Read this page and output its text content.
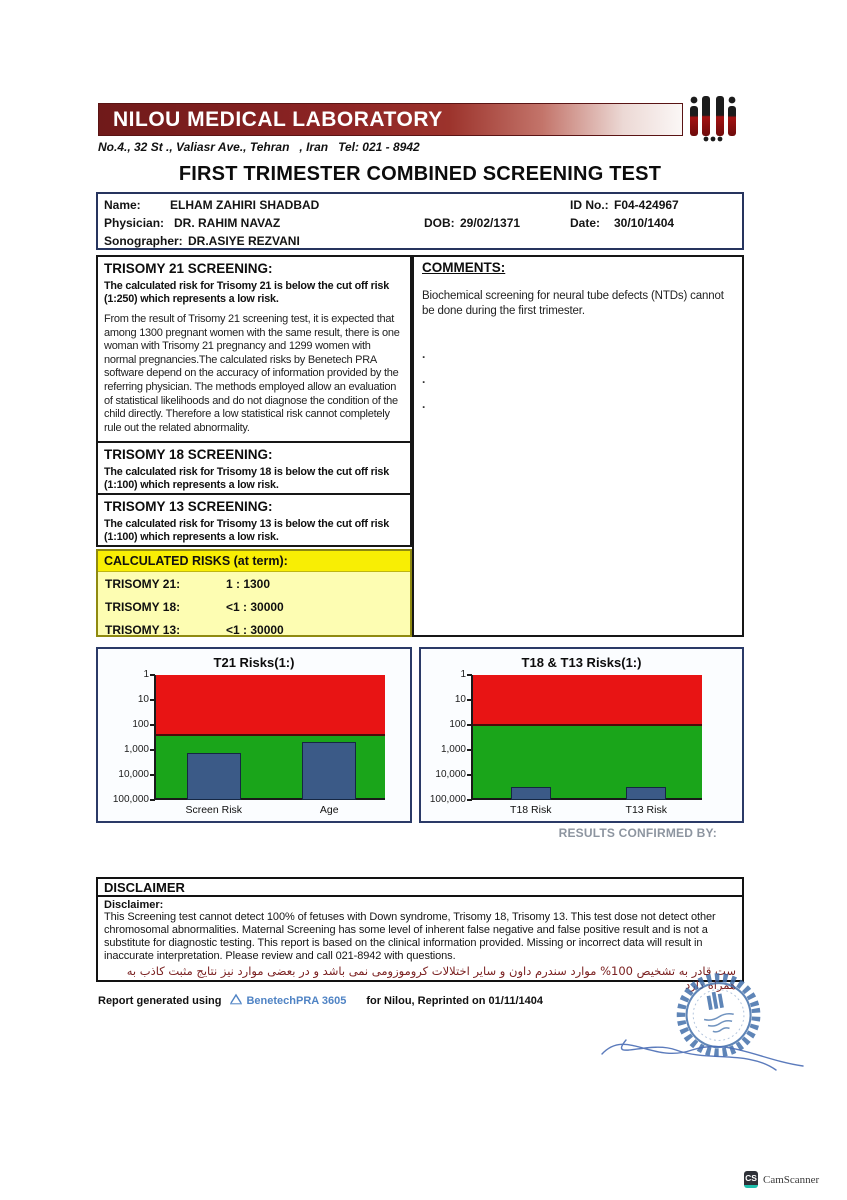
NILOU MEDICAL LABORATORY
No.4., 32 St ., Valiasr Ave., Tehran   , Iran   Tel: 021 - 8942
FIRST TRIMESTER COMBINED SCREENING TEST
Name: ELHAM ZAHIRI SHADBAD	ID No.: F04-424967
Physician: DR. RAHIM NAVAZ	DOB: 29/02/1371	Date: 30/10/1404
Sonographer: DR.ASIYE REZVANI
TRISOMY 21 SCREENING:
The calculated risk for Trisomy 21 is below the cut off risk (1:250) which represents a low risk.
From the result of Trisomy 21 screening test, it is expected that among 1300 pregnant women with the same result, there is one woman with Trisomy 21 pregnancy and 1299 women with normal pregnancies.The calculated risks by Benetech PRA software depend on the accuracy of information provided by the referring physician. The methods employed allow an evaluation of statistical likelihoods and do not diagnose the condition of the child directly. Therefore a low statistical risk cannot completely rule out the related abnormality.
TRISOMY 18 SCREENING:
The calculated risk for Trisomy 18 is below the cut off risk (1:100) which represents a low risk.
TRISOMY 13 SCREENING:
The calculated risk for Trisomy 13 is below the cut off risk (1:100) which represents a low risk.
COMMENTS:
Biochemical screening for neural tube defects (NTDs) cannot be done during the first trimester.
.
.
.
CALCULATED RISKS (at term):
TRISOMY 21:	1 : 1300
TRISOMY 18:	<1 : 30000
TRISOMY 13:	<1 : 30000
T21 Risks(1:)
1
10
100
1,000
10,000
100,000
Screen Risk	Age
T18 & T13 Risks(1:)
1
10
100
1,000
10,000
100,000
T18 Risk	T13 Risk
RESULTS CONFIRMED BY:
DISCLAIMER
Disclaimer:
This Screening test cannot detect 100% of fetuses with Down syndrome, Trisomy 18, Trisomy 13. This test dose not detect other chromosomal abnormalities. Maternal Screening has some level of inherent false negative and false positive result and is not a substitute for diagnostic testing. This report is based on the clinical information provided. Missing or incorrect data will result in inaccurate interpretation. Please review and call 021-8942 with questions.
ست قادر به تشخیص 100% موارد سندرم داون و سایر اختلالات کروموزومی نمی باشد و در بعضی موارد نیز نتایج مثبت کاذب به همراه دارد
Report generated using BenetechPRA 3605 for Nilou, Reprinted on 01/11/1404
CS CamScanner
